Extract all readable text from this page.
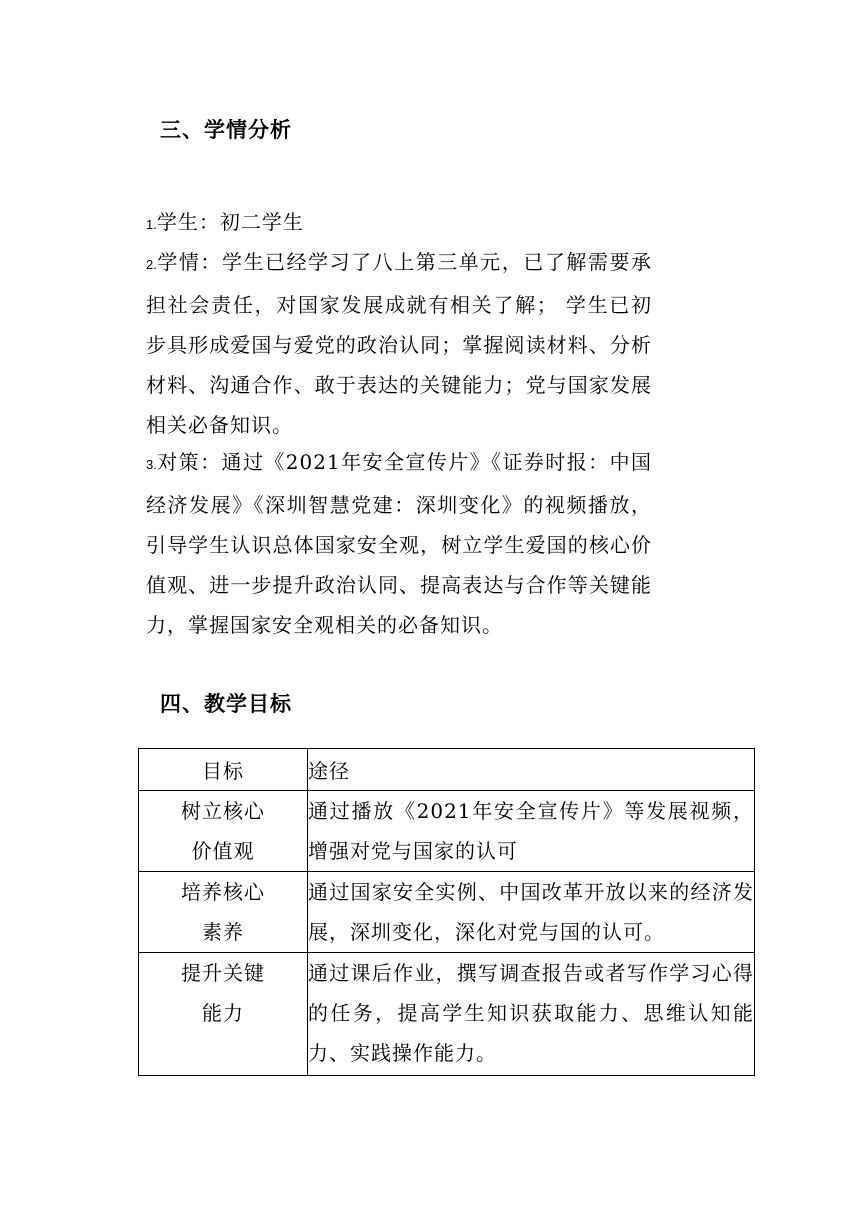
三、学情分析

1.学生：初二学生

2.学情：学生已经学习了八上第三单元，已了解需要承担社会责任，对国家发展成就有相关了解； 学生已初步具形成爱国与爱党的政治认同；掌握阅读材料、分析材料、沟通合作、敢于表达的关键能力；党与国家发展相关必备知识。

3.对策：通过《2021年安全宣传片》《证券时报：中国经济发展》《深圳智慧党建：深圳变化》的视频播放，引导学生认识总体国家安全观，树立学生爱国的核心价值观、进一步提升政治认同、提高表达与合作等关键能力，掌握国家安全观相关的必备知识。

四、教学目标
目标	途径

树立核心
价值观	通过播放《2021年安全宣传片》等发展视频，增强对党与国家的认可

培养核心
素养	通过国家安全实例、中国改革开放以来的经济发展，深圳变化，深化对党与国的认可。

提升关键
能力	通过课后作业，撰写调查报告或者写作学习心得的任务，提高学生知识获取能力、思维认知能力、实践操作能力。
